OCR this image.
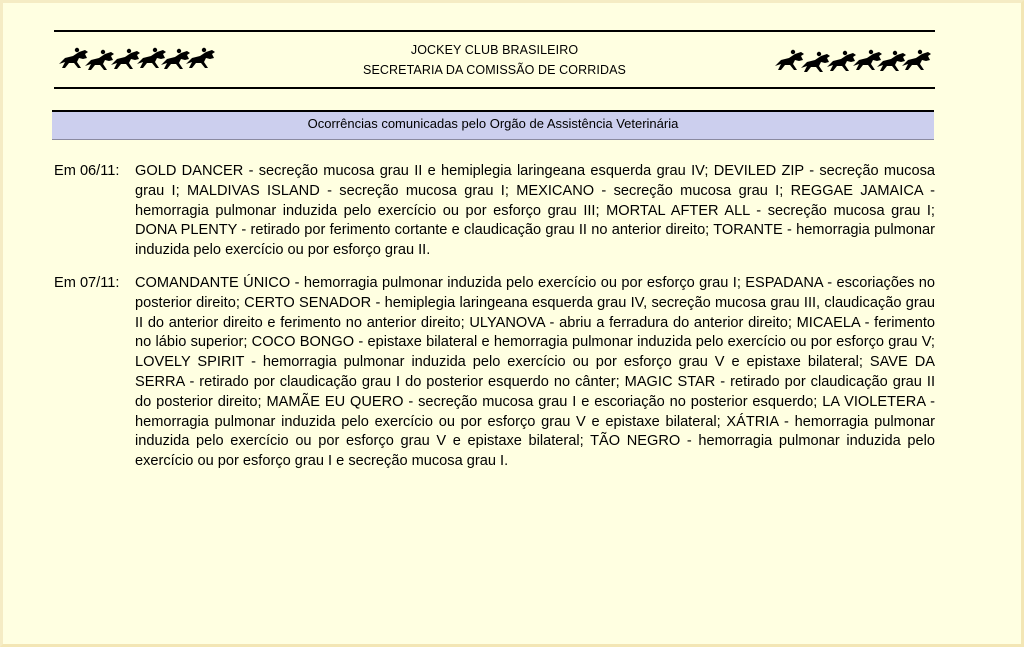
JOCKEY CLUB BRASILEIRO
SECRETARIA DA COMISSÃO DE CORRIDAS
Ocorrências comunicadas pelo Orgão de Assistência Veterinária
Em 06/11: GOLD DANCER - secreção mucosa grau II e hemiplegia laringeana esquerda grau IV; DEVILED ZIP - secreção mucosa grau I; MALDIVAS ISLAND - secreção mucosa grau I; MEXICANO - secreção mucosa grau I; REGGAE JAMAICA - hemorragia pulmonar induzida pelo exercício ou por esforço grau III; MORTAL AFTER ALL - secreção mucosa grau I; DONA PLENTY - retirado por ferimento cortante e claudicação grau II no anterior direito; TORANTE - hemorragia pulmonar induzida pelo exercício ou por esforço grau II.
Em 07/11: COMANDANTE ÚNICO - hemorragia pulmonar induzida pelo exercício ou por esforço grau I; ESPADANA - escoriações no posterior direito; CERTO SENADOR - hemiplegia laringeana esquerda grau IV, secreção mucosa grau III, claudicação grau II do anterior direito e ferimento no anterior direito; ULYANOVA - abriu a ferradura do anterior direito; MICAELA - ferimento no lábio superior; COCO BONGO - epistaxe bilateral e hemorragia pulmonar induzida pelo exercício ou por esforço grau V; LOVELY SPIRIT - hemorragia pulmonar induzida pelo exercício ou por esforço grau V e epistaxe bilateral; SAVE DA SERRA - retirado por claudicação grau I do posterior esquerdo no cânter; MAGIC STAR - retirado por claudicação grau II do posterior direito; MAMÃE EU QUERO - secreção mucosa grau I e escoriação no posterior esquerdo; LA VIOLETERA - hemorragia pulmonar induzida pelo exercício ou por esforço grau V e epistaxe bilateral; XÁTRIA - hemorragia pulmonar induzida pelo exercício ou por esforço grau V e epistaxe bilateral; TÃO NEGRO - hemorragia pulmonar induzida pelo exercício ou por esforço grau I e secreção mucosa grau I.
